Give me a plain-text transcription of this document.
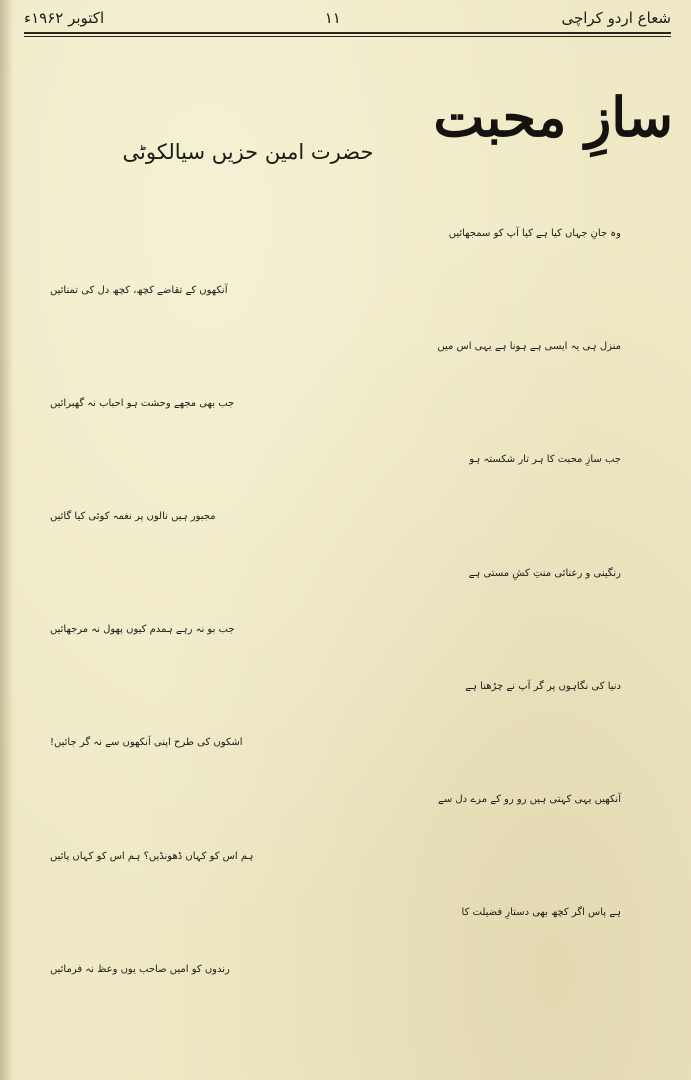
شعاع اردو کراچی
۱۱
اکتوبر ۱۹۶۲ء
سازِ محبت
حضرت امین حزیں سیالکوٹی
وہ جانِ جہاں کیا ہے کیا آپ کو سمجھائیں
آنکھوں کے تقاضے کچھ، کچھ دل کی تمنائیں
منزل ہی یہ ایسی ہے ہونا ہے یہی اس میں
جب بھی مجھے وحشت ہو احباب نہ گھبرائیں
جب سازِ محبت کا ہر تار شکستہ ہو
مجبور ہیں نالوں پر نغمہ کوئی کیا گائیں
رنگینی و رعنائی منتِ کشِ مستی ہے
جب بو نہ رہے ہمدم کیوں پھول نہ مرجھائیں
دنیا کی نگاہوں پر گر آپ نے چڑھنا ہے
اشکوں کی طرح اپنی آنکھوں سے نہ گر جائیں!
آنکھیں یہی کہتی ہیں رو رو کے مرے دل سے
ہم اس کو کہاں ڈھونڈیں؟ ہم اس کو کہاں پائیں
ہے پاس اگر کچھ بھی دستارِ فضیلت کا
رندوں کو امیں صاحب یوں وعظ نہ فرمائیں
